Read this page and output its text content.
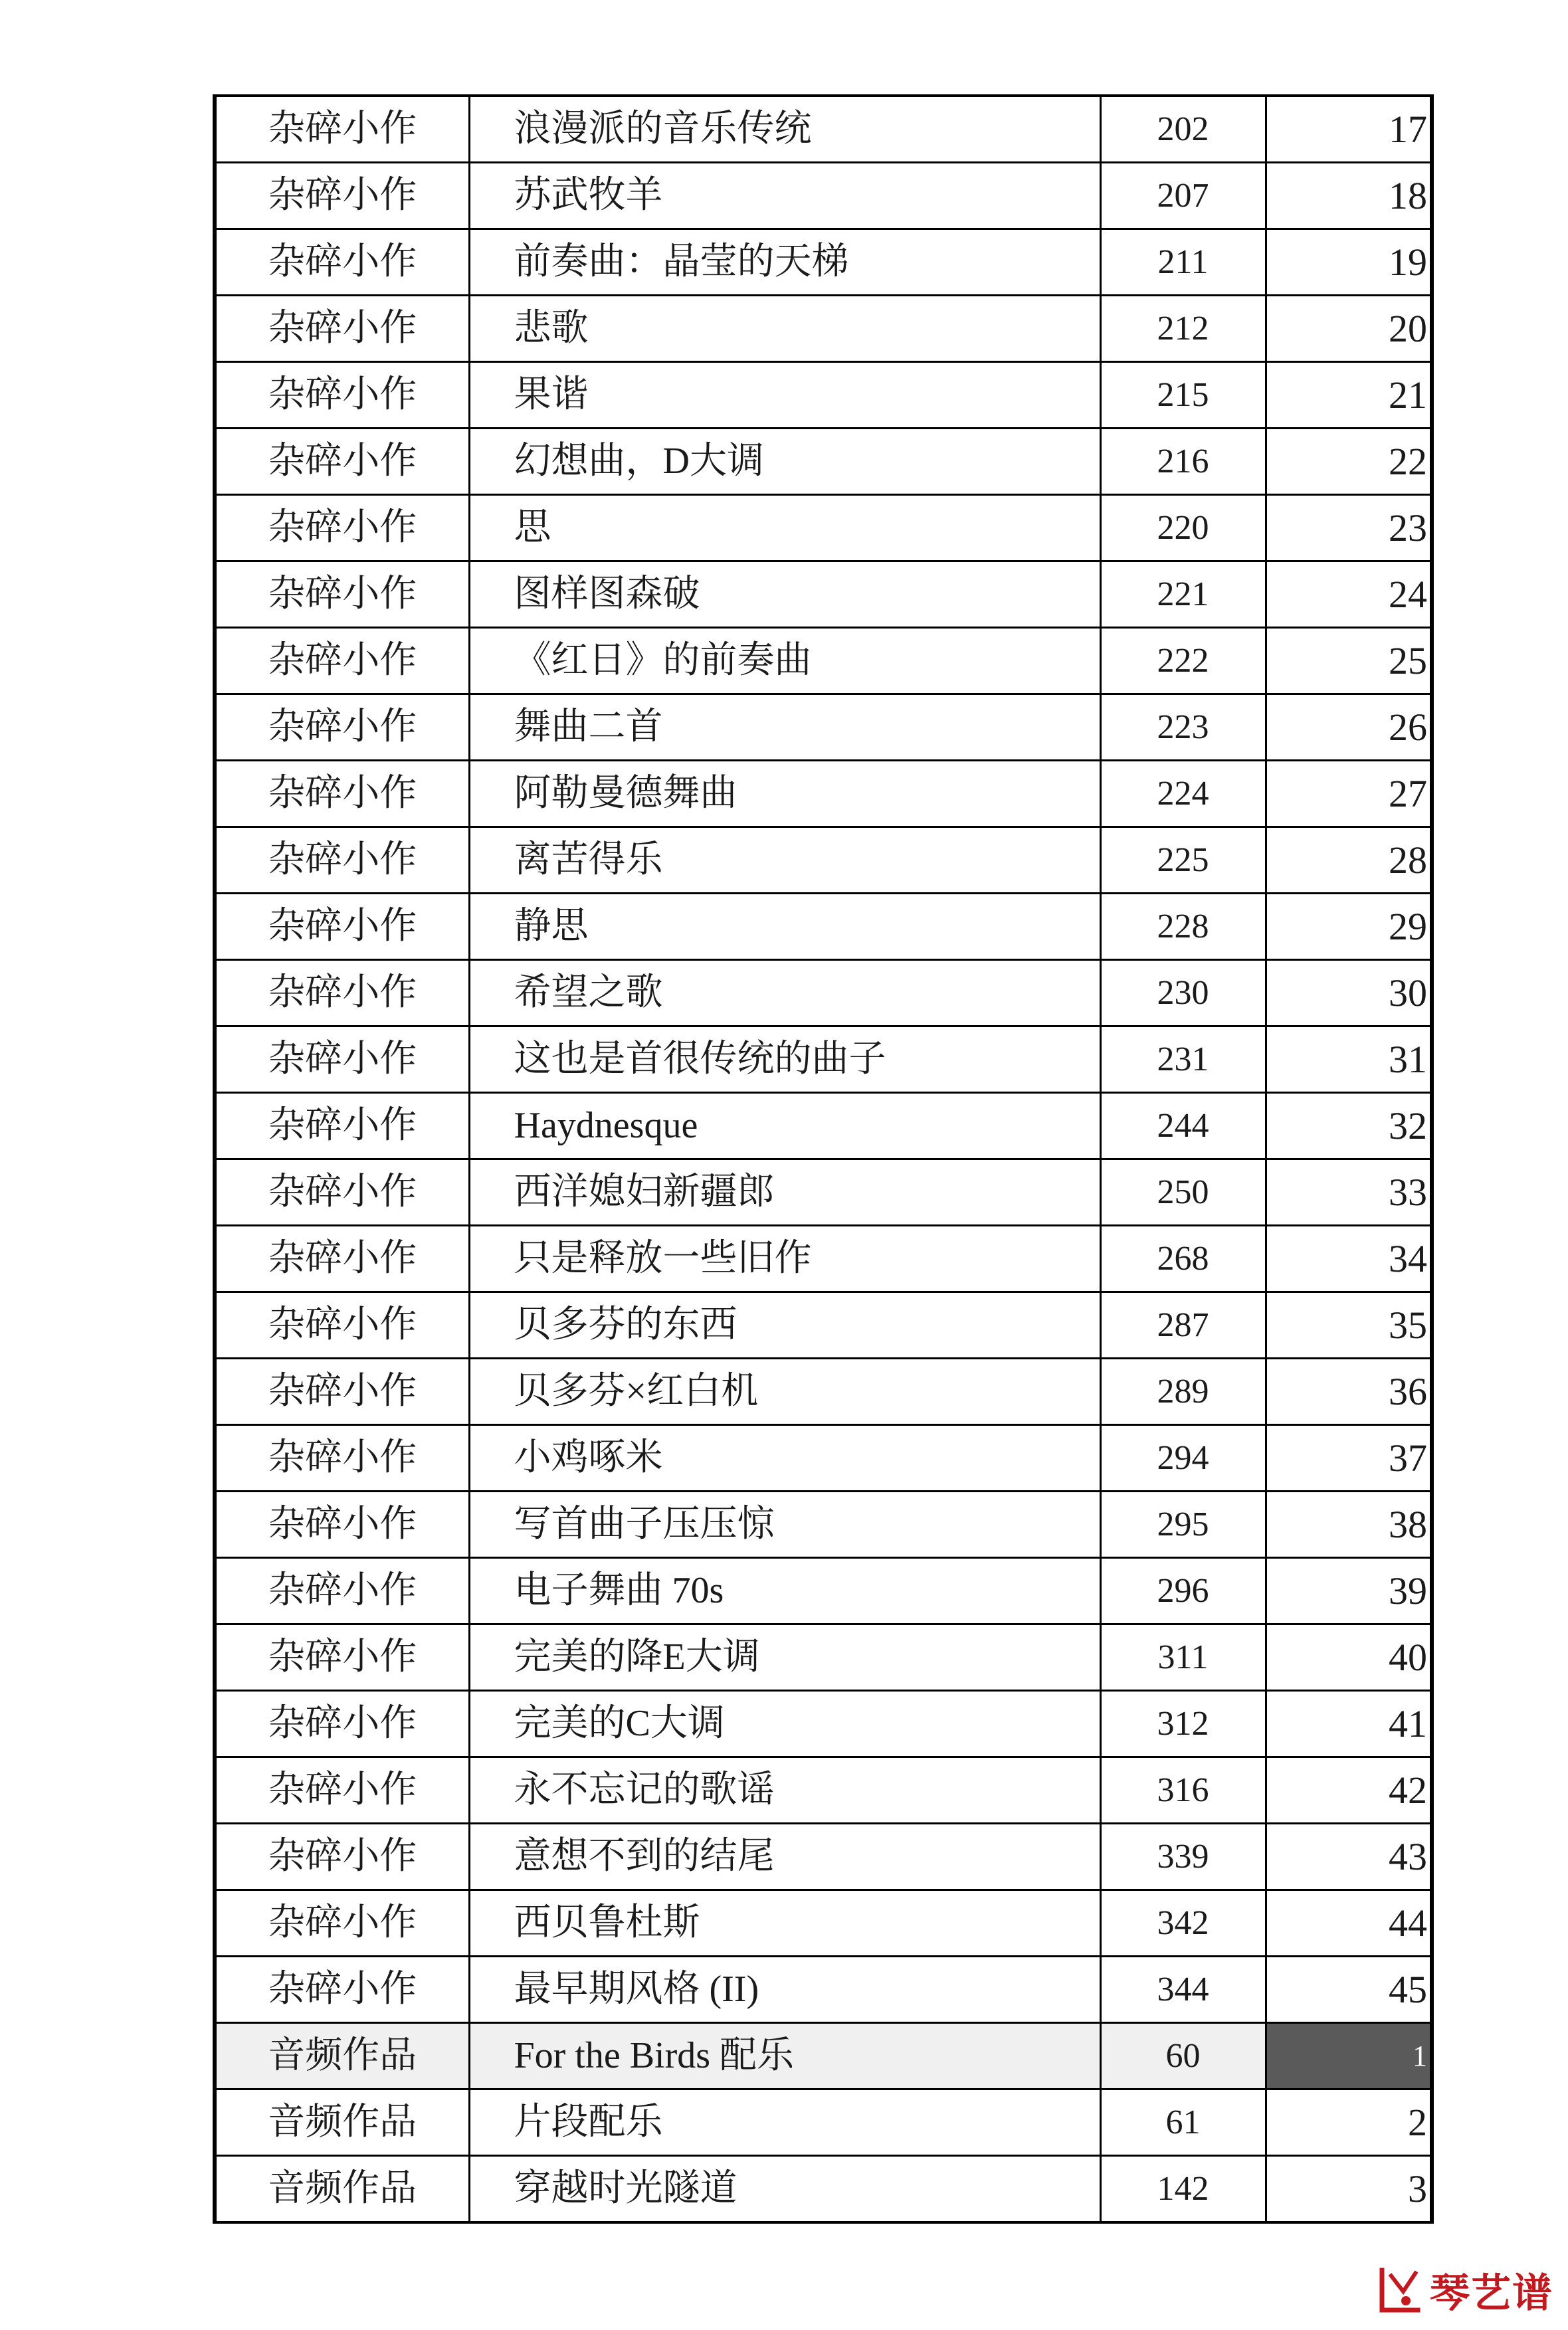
杂碎小作	浪漫派的音乐传统	202	17
杂碎小作	苏武牧羊	207	18
杂碎小作	前奏曲：晶莹的天梯	211	19
杂碎小作	悲歌	212	20
杂碎小作	果谐	215	21
杂碎小作	幻想曲，D大调	216	22
杂碎小作	思	220	23
杂碎小作	图样图森破	221	24
杂碎小作	《红日》的前奏曲	222	25
杂碎小作	舞曲二首	223	26
杂碎小作	阿勒曼德舞曲	224	27
杂碎小作	离苦得乐	225	28
杂碎小作	静思	228	29
杂碎小作	希望之歌	230	30
杂碎小作	这也是首很传统的曲子	231	31
杂碎小作	Haydnesque	244	32
杂碎小作	西洋媳妇新疆郎	250	33
杂碎小作	只是释放一些旧作	268	34
杂碎小作	贝多芬的东西	287	35
杂碎小作	贝多芬×红白机	289	36
杂碎小作	小鸡啄米	294	37
杂碎小作	写首曲子压压惊	295	38
杂碎小作	电子舞曲 70s	296	39
杂碎小作	完美的降E大调	311	40
杂碎小作	完美的C大调	312	41
杂碎小作	永不忘记的歌谣	316	42
杂碎小作	意想不到的结尾	339	43
杂碎小作	西贝鲁杜斯	342	44
杂碎小作	最早期风格 (II)	344	45
音频作品	For the Birds 配乐	60	1
音频作品	片段配乐	61	2
音频作品	穿越时光隧道	142	3
琴艺谱
